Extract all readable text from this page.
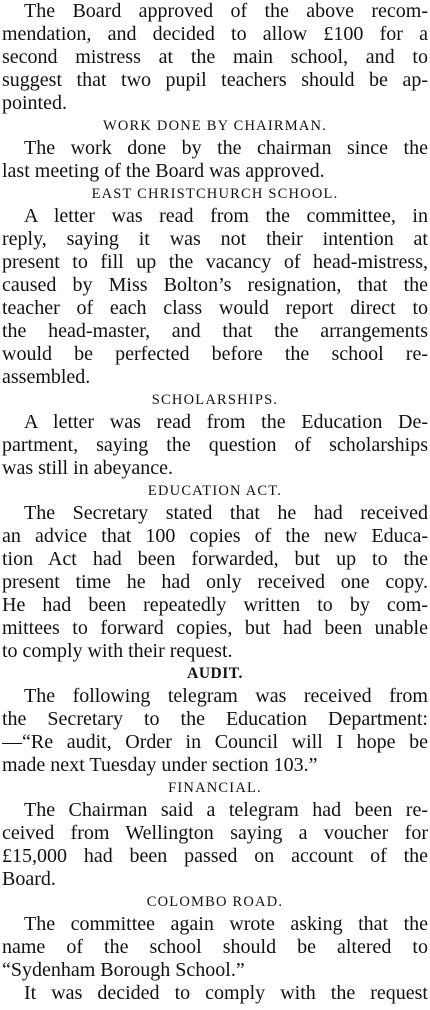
The Board approved of the above recom-
mendation, and decided to allow £100 for a
second mistress at the main school, and to
suggest that two pupil teachers should be ap-
pointed.
WORK DONE BY CHAIRMAN.
The work done by the chairman since the
last meeting of the Board was approved.
EAST CHRISTCHURCH SCHOOL.
A letter was read from the committee, in
reply, saying it was not their intention at
present to fill up the vacancy of head-mistress,
caused by Miss Bolton’s resignation, that the
teacher of each class would report direct to
the head-master, and that the arrangements
would be perfected before the school re-
assembled.
SCHOLARSHIPS.
A letter was read from the Education De-
partment, saying the question of scholarships
was still in abeyance.
EDUCATION ACT.
The Secretary stated that he had received
an advice that 100 copies of the new Educa-
tion Act had been forwarded, but up to the
present time he had only received one copy.
He had been repeatedly written to by com-
mittees to forward copies, but had been unable
to comply with their request.
AUDIT.
The following telegram was received from
the Secretary to the Education Department:
—“Re audit, Order in Council will I hope be
made next Tuesday under section 103.”
FINANCIAL.
The Chairman said a telegram had been re-
ceived from Wellington saying a voucher for
£15,000 had been passed on account of the
Board.
COLOMBO ROAD.
The committee again wrote asking that the
name of the school should be altered to
“Sydenham Borough School.”
It was decided to comply with the request
